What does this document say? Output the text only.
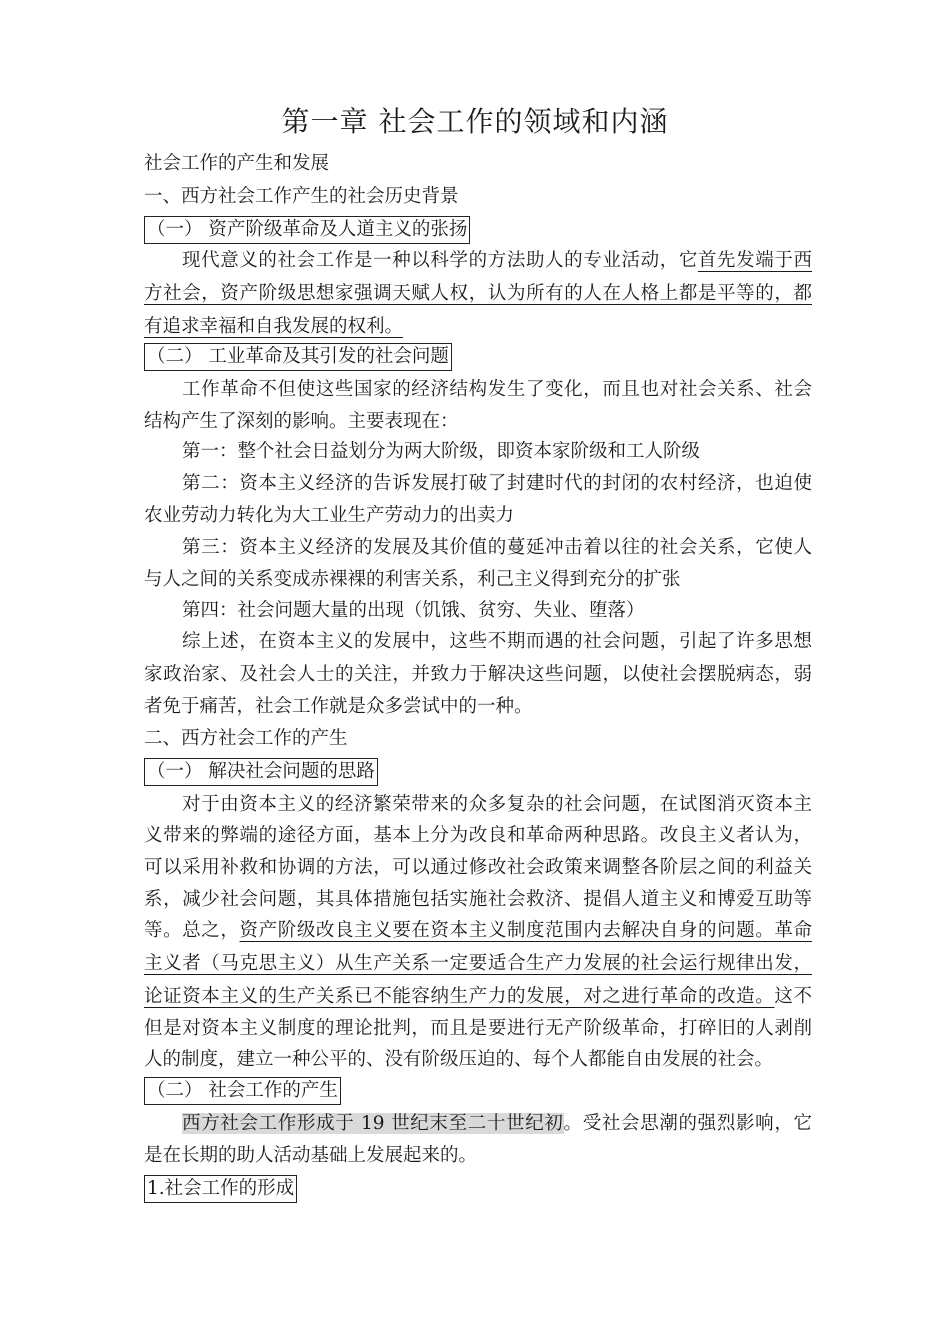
第一章 社会工作的领域和内涵
社会工作的产生和发展
一、西方社会工作产生的社会历史背景
（一） 资产阶级革命及人道主义的张扬
现代意义的社会工作是一种以科学的方法助人的专业活动，它首先发端于西
方社会，资产阶级思想家强调天赋人权，认为所有的人在人格上都是平等的，都
有追求幸福和自我发展的权利。
（二） 工业革命及其引发的社会问题
工作革命不但使这些国家的经济结构发生了变化，而且也对社会关系、社会
结构产生了深刻的影响。主要表现在：
第一：整个社会日益划分为两大阶级，即资本家阶级和工人阶级
第二：资本主义经济的告诉发展打破了封建时代的封闭的农村经济，也迫使
农业劳动力转化为大工业生产劳动力的出卖力
第三：资本主义经济的发展及其价值的蔓延冲击着以往的社会关系，它使人
与人之间的关系变成赤裸裸的利害关系，利己主义得到充分的扩张
第四：社会问题大量的出现（饥饿、贫穷、失业、堕落）
综上述，在资本主义的发展中，这些不期而遇的社会问题，引起了许多思想
家政治家、及社会人士的关注，并致力于解决这些问题，以使社会摆脱病态，弱
者免于痛苦，社会工作就是众多尝试中的一种。
二、西方社会工作的产生
（一） 解决社会问题的思路
对于由资本主义的经济繁荣带来的众多复杂的社会问题，在试图消灭资本主
义带来的弊端的途径方面，基本上分为改良和革命两种思路。改良主义者认为，
可以采用补救和协调的方法，可以通过修改社会政策来调整各阶层之间的利益关
系，减少社会问题，其具体措施包括实施社会救济、提倡人道主义和博爱互助等
等。总之，资产阶级改良主义要在资本主义制度范围内去解决自身的问题。革命
主义者（马克思主义）从生产关系一定要适合生产力发展的社会运行规律出发，
论证资本主义的生产关系已不能容纳生产力的发展，对之进行革命的改造。这不
但是对资本主义制度的理论批判，而且是要进行无产阶级革命，打碎旧的人剥削
人的制度，建立一种公平的、没有阶级压迫的、每个人都能自由发展的社会。
（二） 社会工作的产生
西方社会工作形成于 19 世纪末至二十世纪初。受社会思潮的强烈影响，它
是在长期的助人活动基础上发展起来的。
1.社会工作的形成
